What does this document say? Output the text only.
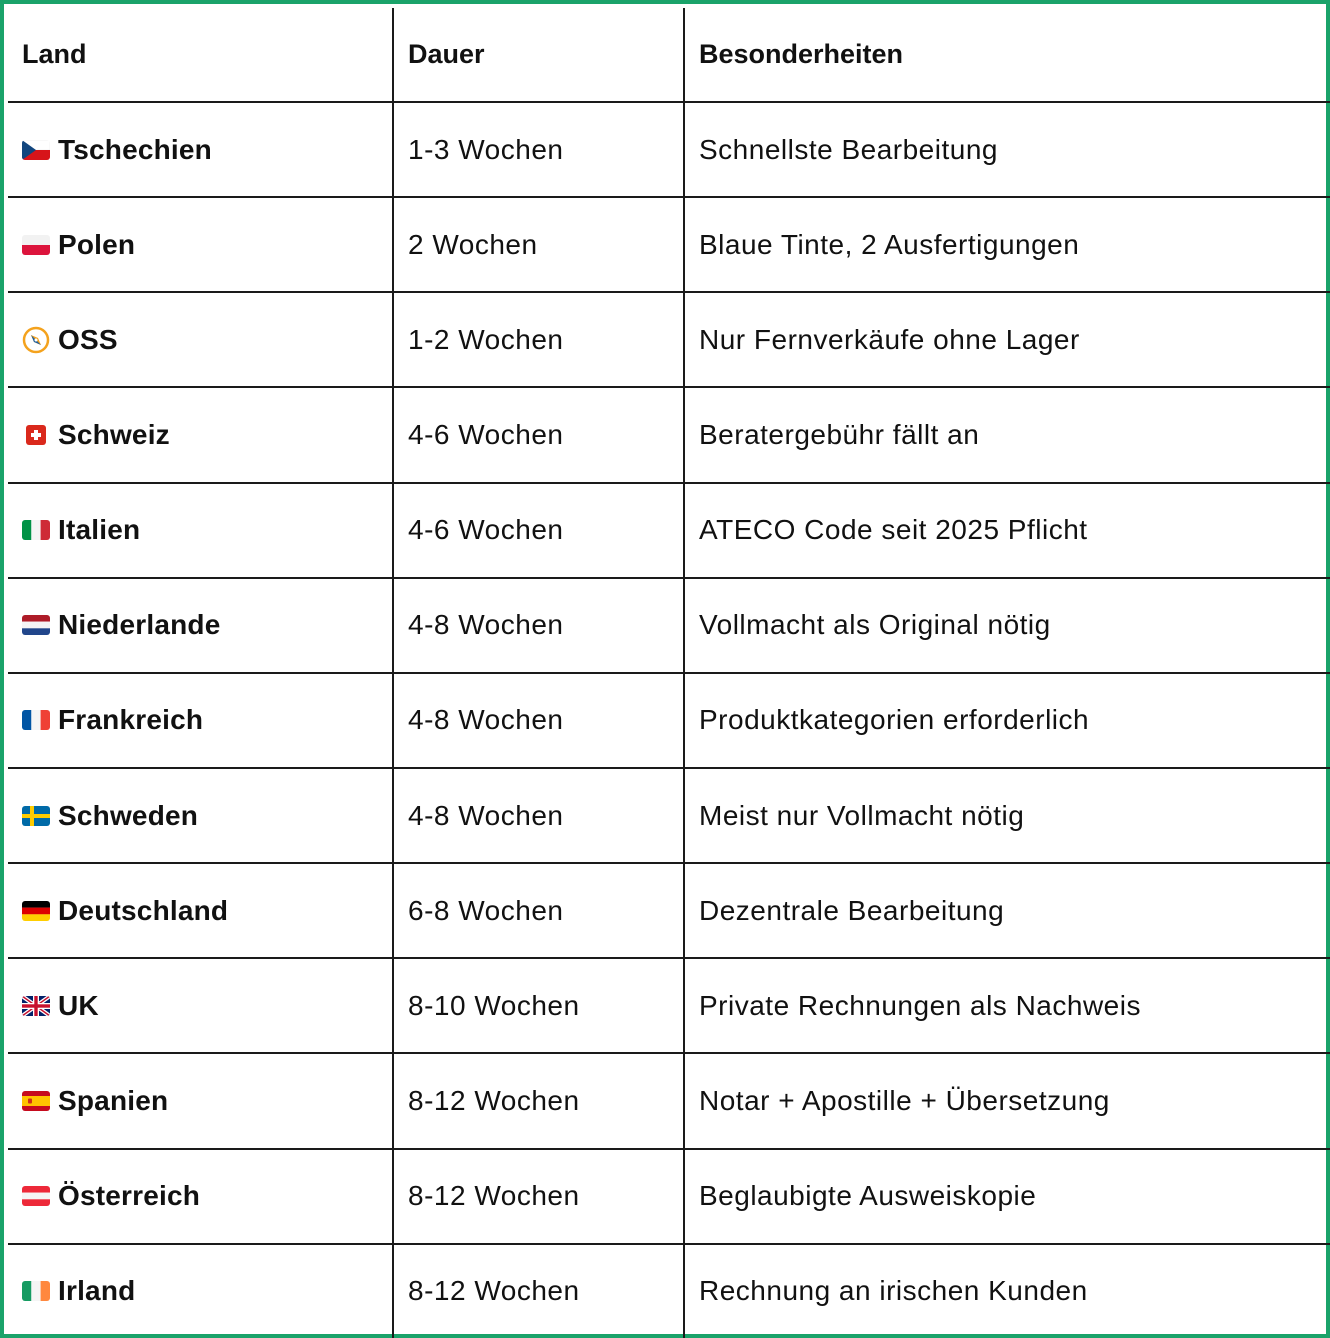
Land	Dauer	Besonderheiten

Tschechien	1-3 Wochen	Schnellste Bearbeitung

Polen	2 Wochen	Blaue Tinte, 2 Ausfertigungen

OSS	1-2 Wochen	Nur Fernverkäufe ohne Lager

Schweiz	4-6 Wochen	Beratergebühr fällt an

Italien	4-6 Wochen	ATECO Code seit 2025 Pflicht

Niederlande	4-8 Wochen	Vollmacht als Original nötig

Frankreich	4-8 Wochen	Produktkategorien erforderlich

Schweden	4-8 Wochen	Meist nur Vollmacht nötig

Deutschland	6-8 Wochen	Dezentrale Bearbeitung

UK	8-10 Wochen	Private Rechnungen als Nachweis

Spanien	8-12 Wochen	Notar + Apostille + Übersetzung

Österreich	8-12 Wochen	Beglaubigte Ausweiskopie

Irland	8-12 Wochen	Rechnung an irischen Kunden
